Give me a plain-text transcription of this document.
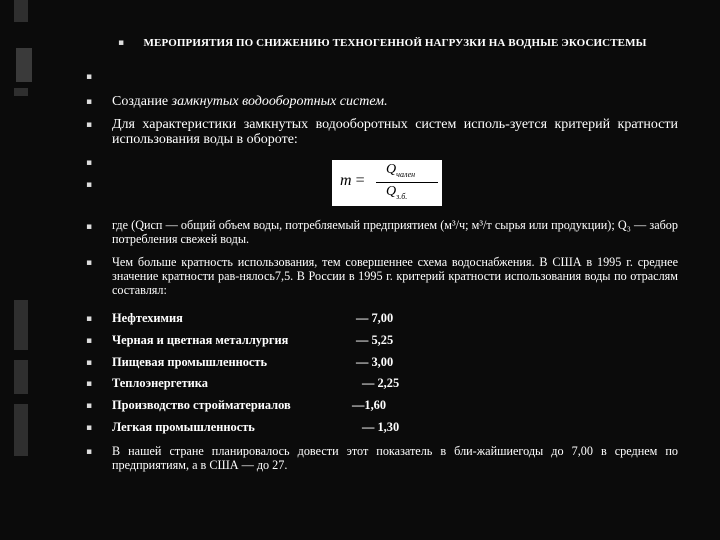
▪	МЕРОПРИЯТИЯ ПО СНИЖЕНИЮ ТЕХНОГЕННОЙ НАГРУЗКИ НА ВОДНЫЕ ЭКОСИСТЕМЫ
▪
▪ Создание замкнутых водооборотных систем.
▪ Для характеристики замкнутых водооборотных систем исполь-зуется критерий кратности использования воды в обороте:
▪
▪	m =
$Q_{чален}$
$Q_{з.б.}$
▪ где (Qисп — общий объем воды, потребляемый предприятием (м³/ч; м³/т сырья или продукции); Q₃ — забор потребления свежей воды.
▪ Чем больше кратность использования, тем совершеннее схема водоснабжения. В США в 1995 г. среднее значение кратности рав-нялось7,5. В России в 1995 г. критерий кратности использования воды по отраслям составлял:
▪ Нефтехимия	— 7,00
▪ Черная и цветная металлургия	— 5,25
▪ Пищевая промышленность	— 3,00
▪ Теплоэнергетика	— 2,25
▪ Производство стройматериалов	—1,60
▪ Легкая промышленность	— 1,30
▪ В нашей стране планировалось довести этот показатель в бли-жайшиегоды до 7,00 в среднем по предприятиям, а в США — до 27.
